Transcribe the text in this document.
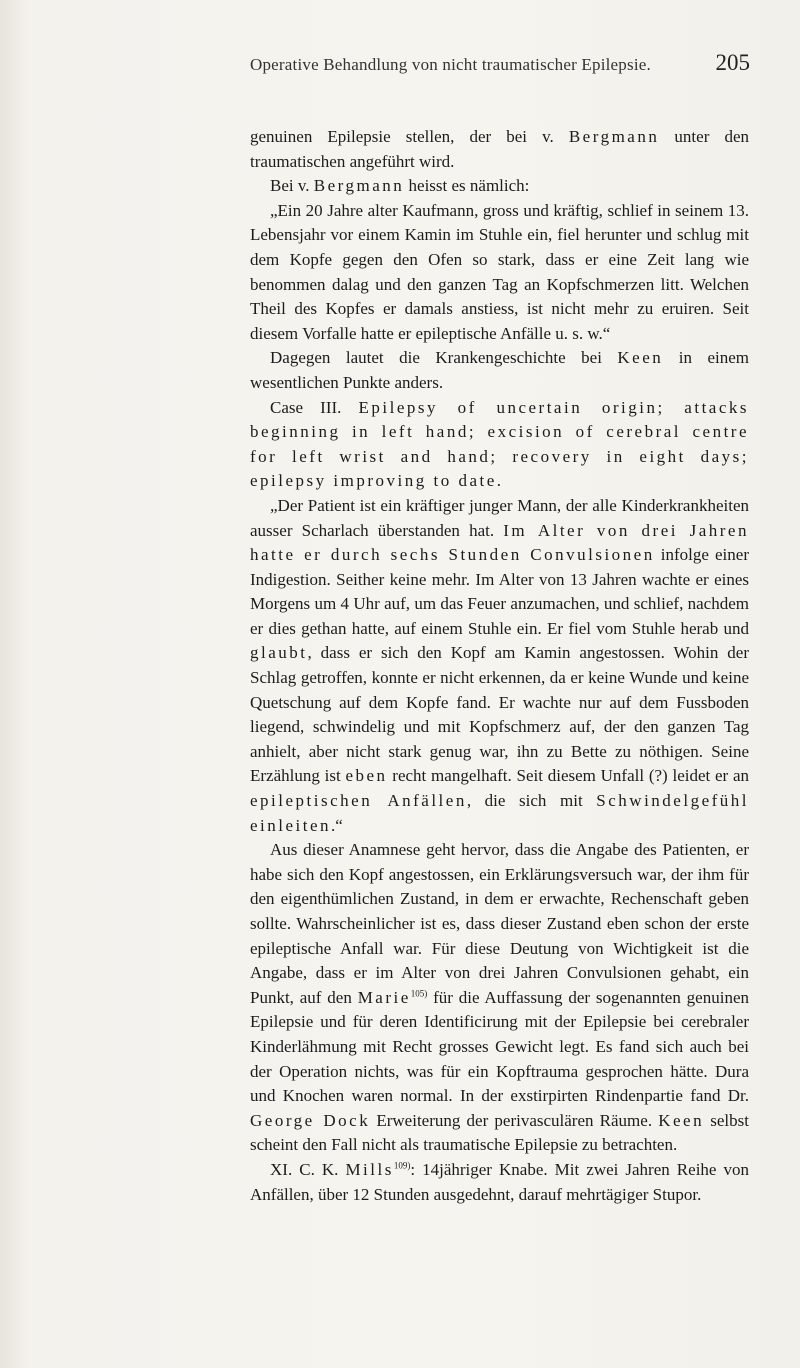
Operative Behandlung von nicht traumatischer Epilepsie.	205

genuinen Epilepsie stellen, der bei v. Bergmann unter den traumatischen angeführt wird.

Bei v. Bergmann heisst es nämlich:

„Ein 20 Jahre alter Kaufmann, gross und kräftig, schlief in seinem 13. Lebensjahr vor einem Kamin im Stuhle ein, fiel herunter und schlug mit dem Kopfe gegen den Ofen so stark, dass er eine Zeit lang wie benommen dalag und den ganzen Tag an Kopfschmerzen litt. Welchen Theil des Kopfes er damals anstiess, ist nicht mehr zu eruiren. Seit diesem Vorfalle hatte er epileptische Anfälle u. s. w.“

Dagegen lautet die Krankengeschichte bei Keen in einem wesentlichen Punkte anders.

Case III. Epilepsy of uncertain origin; attacks beginning in left hand; excision of cerebral centre for left wrist and hand; recovery in eight days; epilepsy improving to date.

„Der Patient ist ein kräftiger junger Mann, der alle Kinderkrankheiten ausser Scharlach überstanden hat. Im Alter von drei Jahren hatte er durch sechs Stunden Convulsionen infolge einer Indigestion. Seither keine mehr. Im Alter von 13 Jahren wachte er eines Morgens um 4 Uhr auf, um das Feuer anzumachen, und schlief, nachdem er dies gethan hatte, auf einem Stuhle ein. Er fiel vom Stuhle herab und glaubt, dass er sich den Kopf am Kamin angestossen. Wohin der Schlag getroffen, konnte er nicht erkennen, da er keine Wunde und keine Quetschung auf dem Kopfe fand. Er wachte nur auf dem Fussboden liegend, schwindelig und mit Kopfschmerz auf, der den ganzen Tag anhielt, aber nicht stark genug war, ihn zu Bette zu nöthigen. Seine Erzählung ist eben recht mangelhaft. Seit diesem Unfall (?) leidet er an epileptischen Anfällen, die sich mit Schwindelgefühl einleiten.“

Aus dieser Anamnese geht hervor, dass die Angabe des Patienten, er habe sich den Kopf angestossen, ein Erklärungsversuch war, der ihm für den eigenthümlichen Zustand, in dem er erwachte, Rechenschaft geben sollte. Wahrscheinlicher ist es, dass dieser Zustand eben schon der erste epileptische Anfall war. Für diese Deutung von Wichtigkeit ist die Angabe, dass er im Alter von drei Jahren Convulsionen gehabt, ein Punkt, auf den Marie$^{105)}$ für die Auffassung der sogenannten genuinen Epilepsie und für deren Identificirung mit der Epilepsie bei cerebraler Kinderlähmung mit Recht grosses Gewicht legt. Es fand sich auch bei der Operation nichts, was für ein Kopftrauma gesprochen hätte. Dura und Knochen waren normal. In der exstirpirten Rindenpartie fand Dr. George Dock Erweiterung der perivasculären Räume. Keen selbst scheint den Fall nicht als traumatische Epilepsie zu betrachten.

XI. C. K. Mills$^{109)}$: 14jähriger Knabe. Mit zwei Jahren Reihe von Anfällen, über 12 Stunden ausgedehnt, darauf mehrtägiger Stupor.
